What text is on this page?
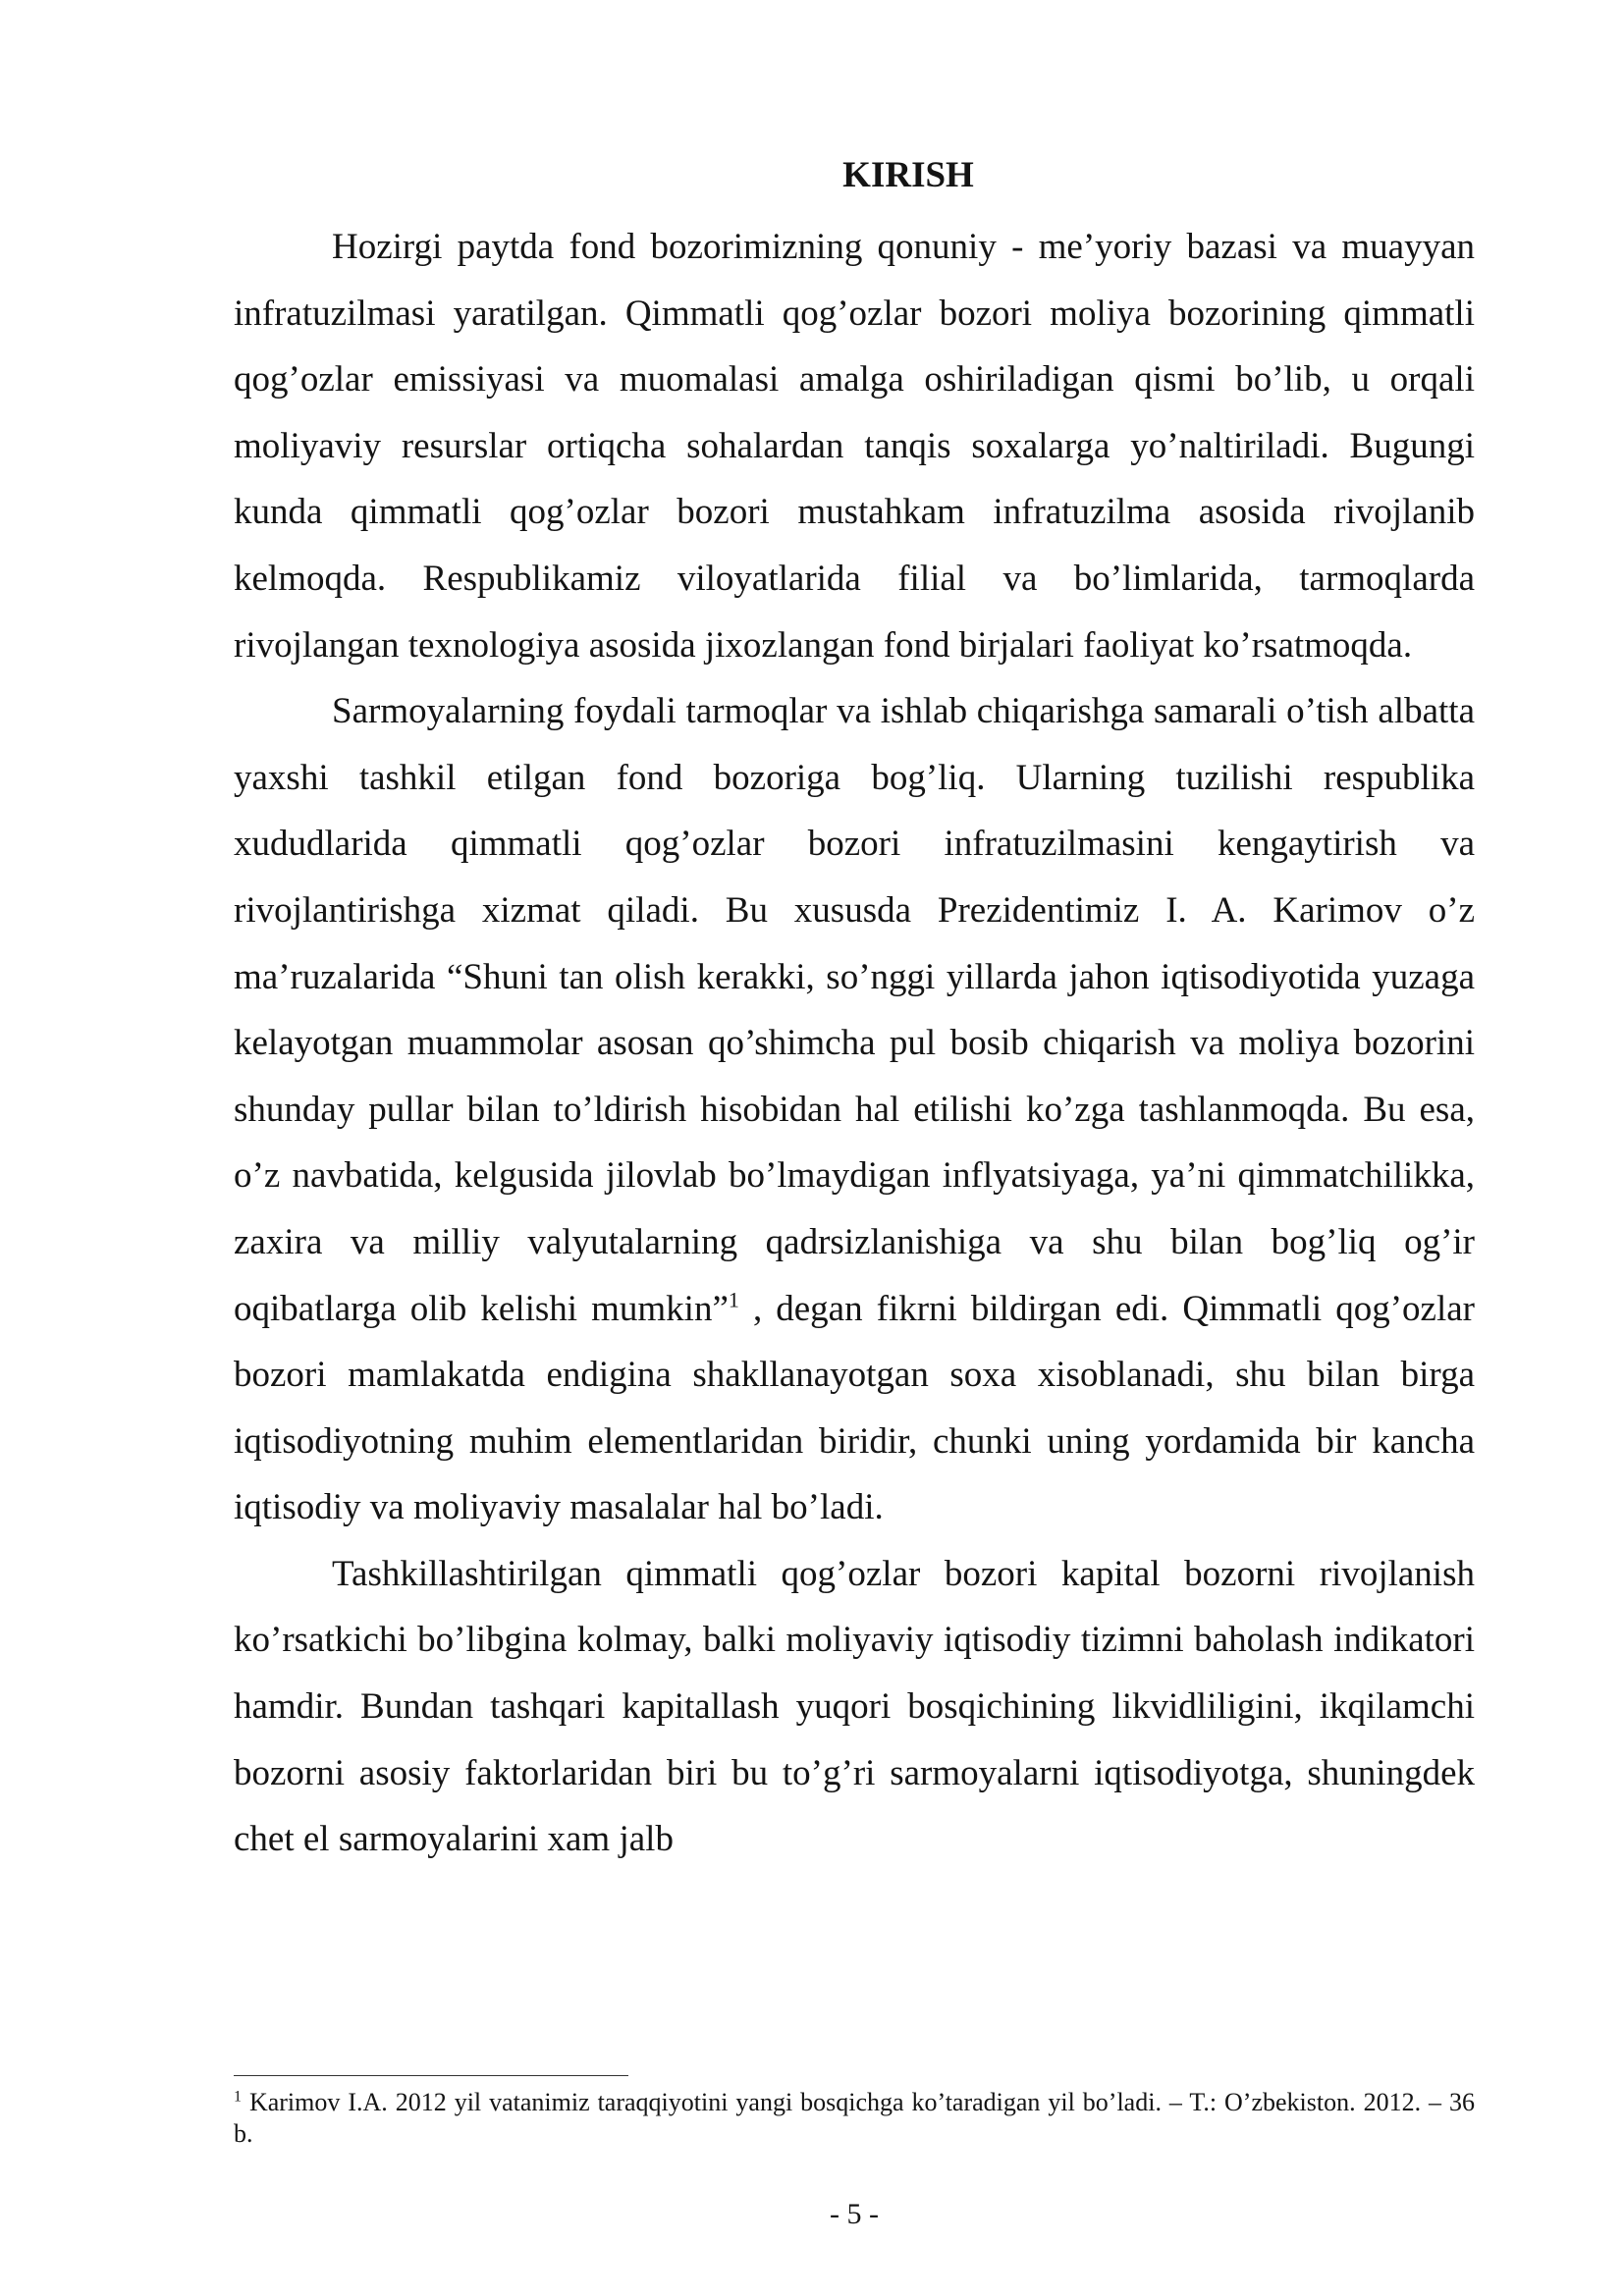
KIRISH

Hozirgi paytda fond bozorimizning qonuniy - me’yoriy bazasi va muayyan infratuzilmasi yaratilgan. Qimmatli qog’ozlar bozori moliya bozorining qimmatli qog’ozlar emissiyasi va muomalasi amalga oshiriladigan qismi bo’lib, u orqali moliyaviy resurslar ortiqcha sohalardan tanqis soxalarga yo’naltiriladi. Bugungi kunda qimmatli qog’ozlar bozori mustahkam infratuzilma asosida rivojlanib kelmoqda. Respublikamiz viloyatlarida filial va bo’limlarida, tarmoqlarda rivojlangan texnologiya asosida jixozlangan fond birjalari faoliyat ko’rsatmoqda.

Sarmoyalarning foydali tarmoqlar va ishlab chiqarishga samarali o’tish albatta yaxshi tashkil etilgan fond bozoriga bog’liq. Ularning tuzilishi respublika xududlarida qimmatli qog’ozlar bozori infratuzilmasini kengaytirish va rivojlantirishga xizmat qiladi. Bu xususda Prezidentimiz I. A. Karimov o’z ma’ruzalarida “Shuni tan olish kerakki, so’nggi yillarda jahon iqtisodiyotida yuzaga kelayotgan muammolar asosan qo’shimcha pul bosib chiqarish va moliya bozorini shunday pullar bilan to’ldirish hisobidan hal etilishi ko’zga tashlanmoqda. Bu esa, o’z navbatida, kelgusida jilovlab bo’lmaydigan inflyatsiyaga, ya’ni qimmatchilikka, zaxira va milliy valyutalarning qadrsizlanishiga va shu bilan bog’liq og’ir oqibatlarga olib kelishi mumkin”$^1$ , degan fikrni bildirgan edi. Qimmatli qog’ozlar bozori mamlakatda endigina shakllanayotgan soxa xisoblanadi, shu bilan birga iqtisodiyotning muhim elementlaridan biridir, chunki uning yordamida bir kancha iqtisodiy va moliyaviy masalalar hal bo’ladi.

Tashkillashtirilgan qimmatli qog’ozlar bozori kapital bozorni rivojlanish ko’rsatkichi bo’libgina kolmay, balki moliyaviy iqtisodiy tizimni baholash indikatori hamdir. Bundan tashqari kapitallash yuqori bosqichining likvidliligini, ikqilamchi bozorni asosiy faktorlaridan biri bu to’g’ri sarmoyalarni iqtisodiyotga, shuningdek chet el sarmoyalarini xam jalb

$^1$ Karimov I.A. 2012 yil vatanimiz taraqqiyotini yangi bosqichga ko’taradigan yil bo’ladi. – T.: O’zbekiston. 2012. – 36 b.

- 5 -
